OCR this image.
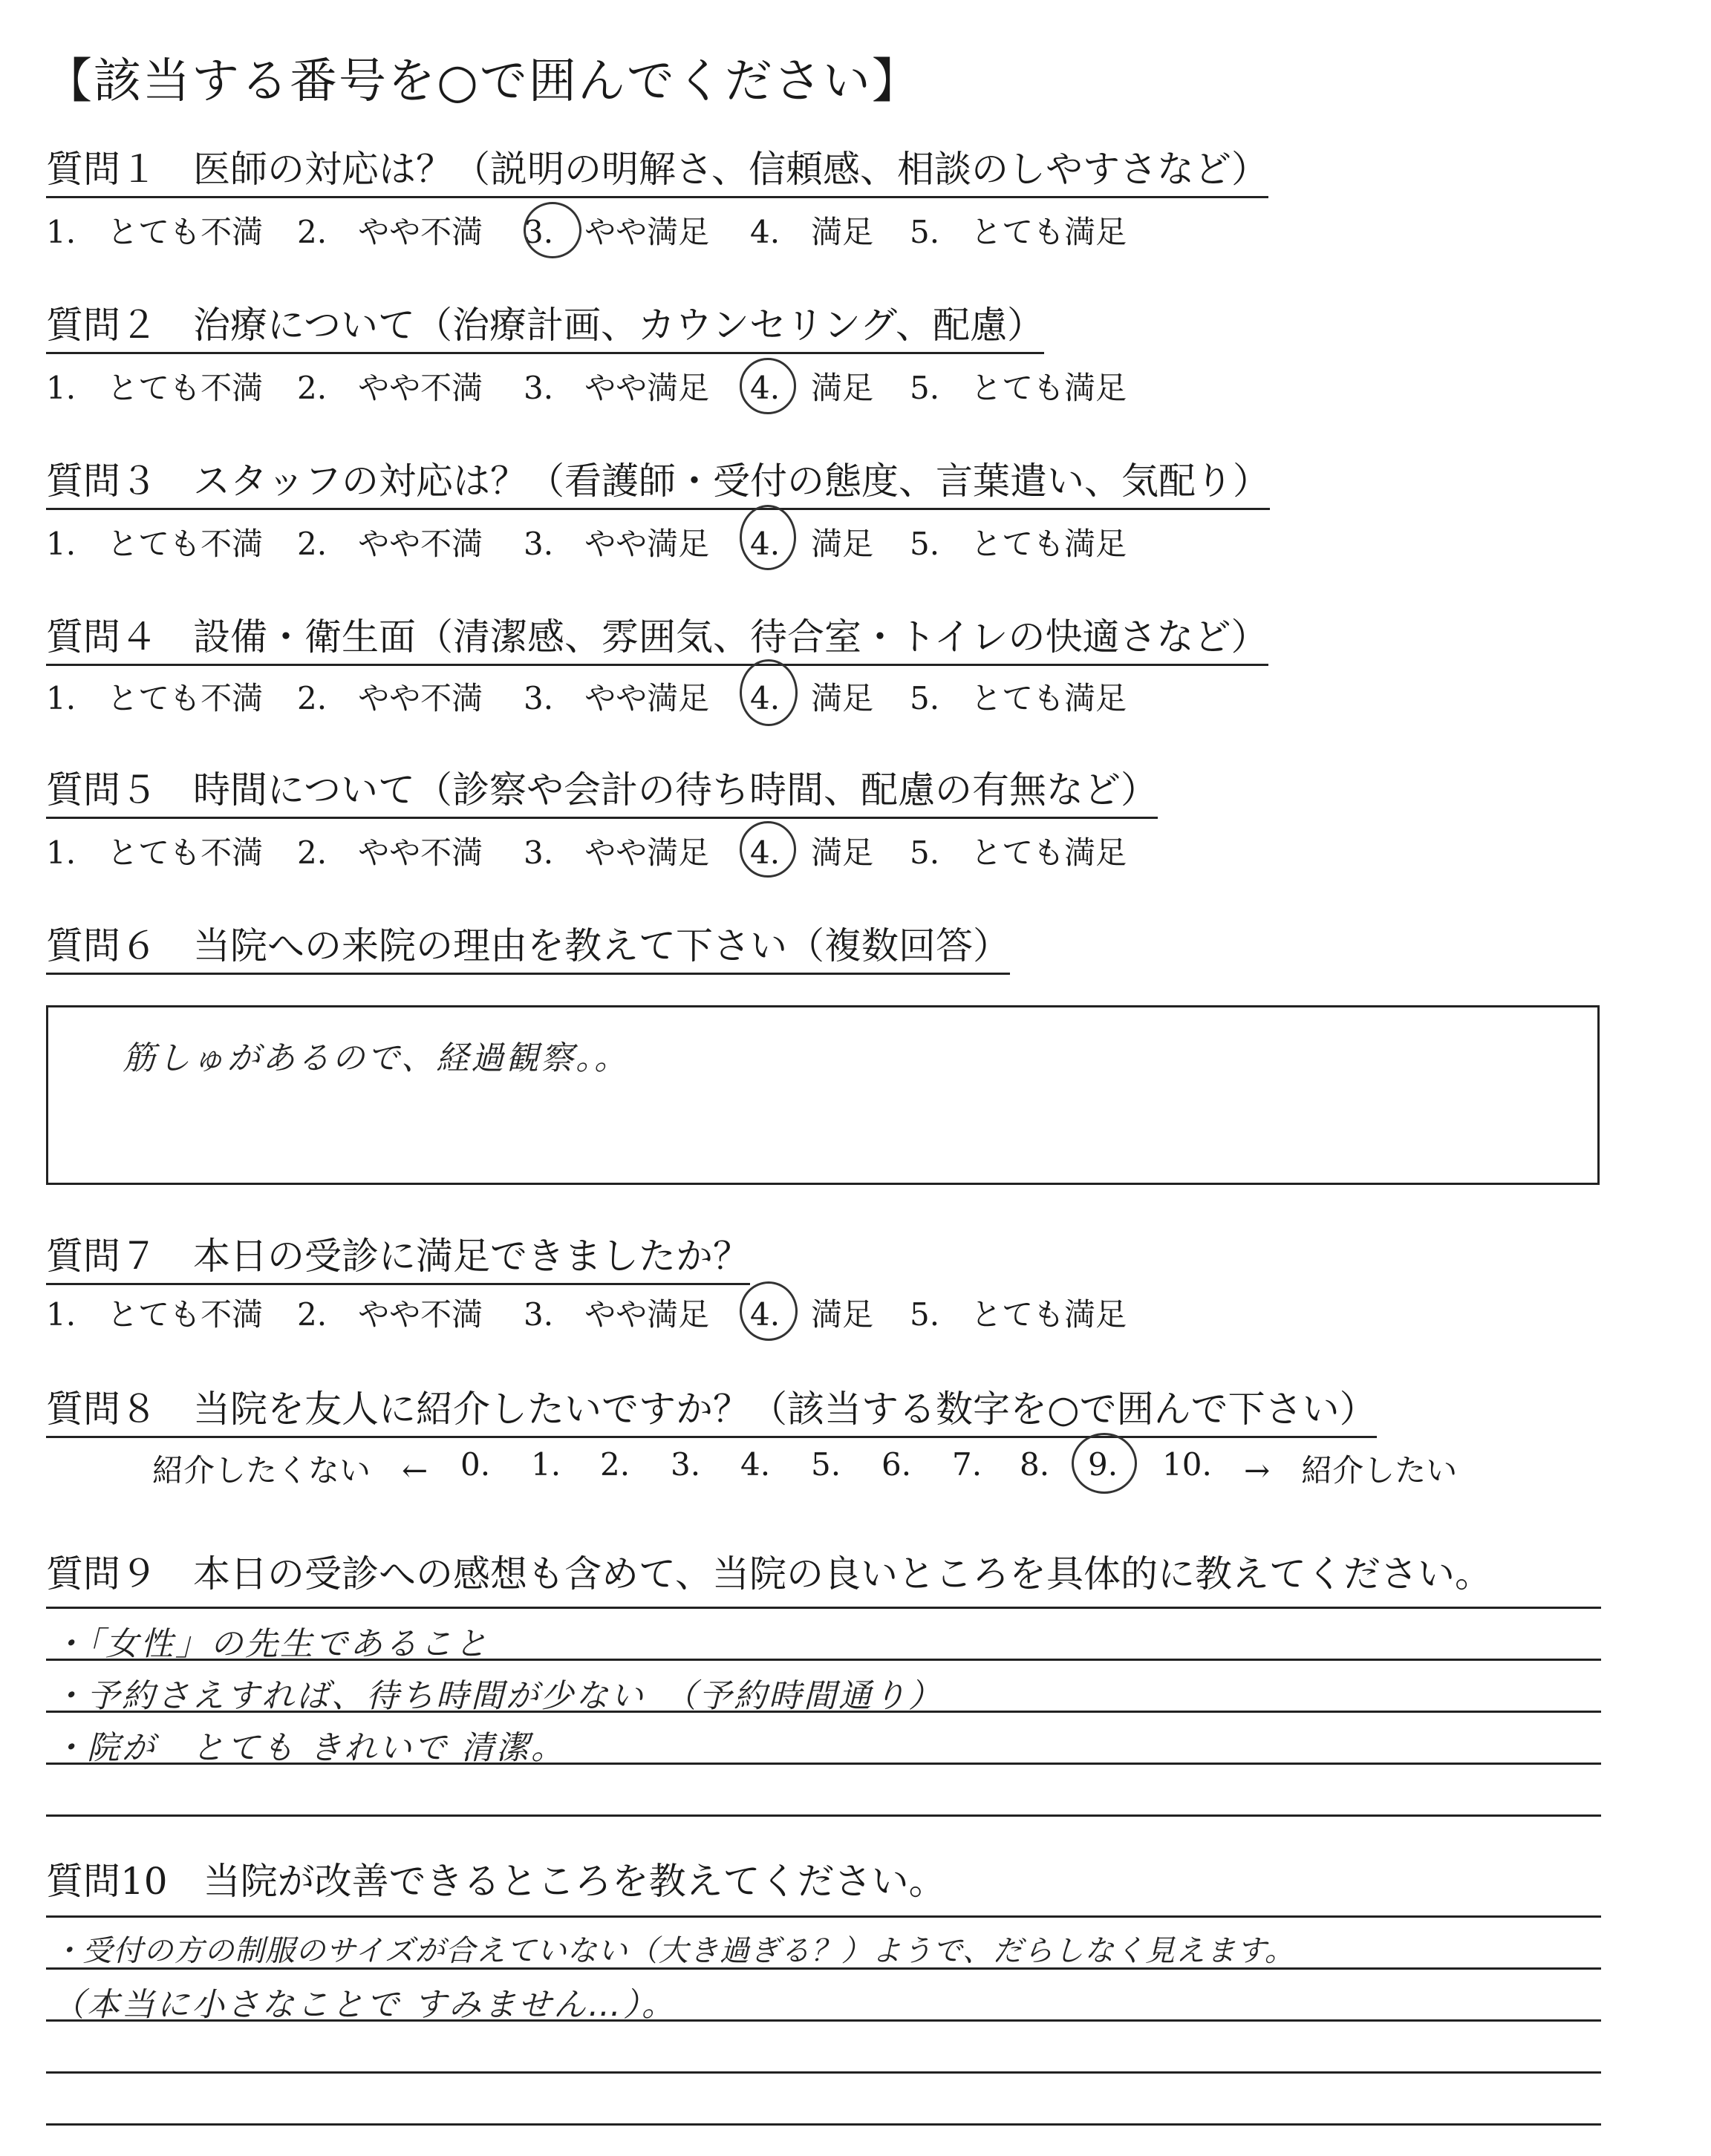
【該当する番号を○で囲んでください】
質問１ 医師の対応は？（説明の明解さ、信頼感、相談のしやすさなど）
1.　とても不満 2.　やや不満 3.　やや満足 4.　満足 5.　とても満足
質問２ 治療について（治療計画、カウンセリング、配慮）
1.　とても不満 2.　やや不満 3.　やや満足 4.　満足 5.　とても満足
質問３ スタッフの対応は？（看護師・受付の態度、言葉遣い、気配り）
1.　とても不満 2.　やや不満 3.　やや満足 4.　満足 5.　とても満足
質問４ 設備・衛生面（清潔感、雰囲気、待合室・トイレの快適さなど）
1.　とても不満 2.　やや不満 3.　やや満足 4.　満足 5.　とても満足
質問５ 時間について（診察や会計の待ち時間、配慮の有無など）
1.　とても不満 2.　やや不満 3.　やや満足 4.　満足 5.　とても満足
質問６ 当院への来院の理由を教えて下さい（複数回答）
筋しゅがあるので、経過観察。。
質問７ 本日の受診に満足できましたか？
1.　とても不満 2.　やや不満 3.　やや満足 4.　満足 5.　とても満足
質問８ 当院を友人に紹介したいですか？（該当する数字を○で囲んで下さい）
紹介したくない　← 0. 1. 2. 3. 4. 5. 6. 7. 8. 9. 10. →　紹介したい
質問９ 本日の受診への感想も含めて、当院の良いところを具体的に教えてください。
・「女性」の先生であること
・予約さえすれば、待ち時間が少ない　（予約時間通り）
・院が　とても きれいで 清潔。
質問10 当院が改善できるところを教えてください。
・受付の方の制服のサイズが合えていない（大き過ぎる？）ようで、だらしなく見えます。
（本当に小さなことで すみません…）。
